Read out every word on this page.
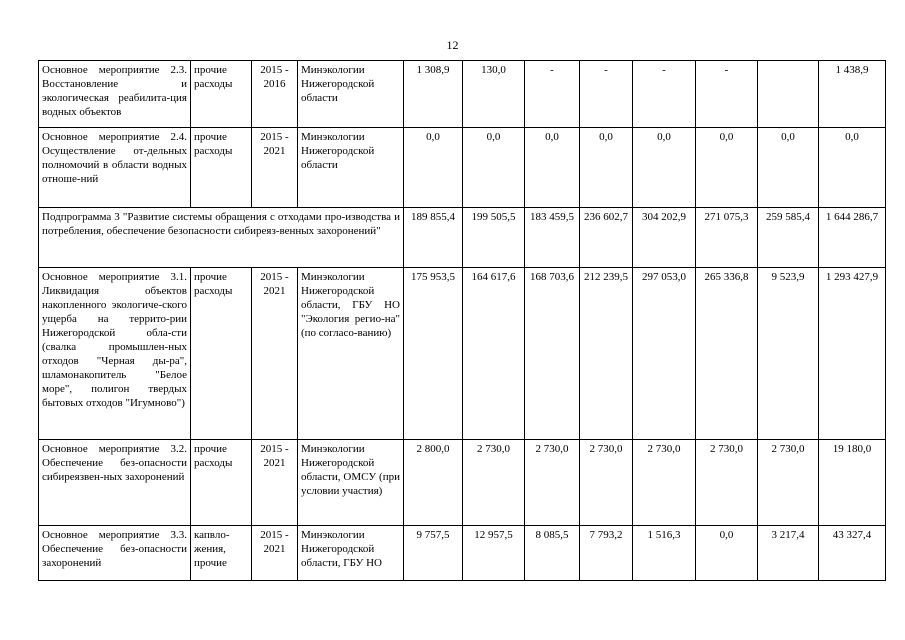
12
Основное мероприятие 2.3. Восстановление и экологическая реабилита-ция водных объектов	прочие расходы	2015 - 2016	Минэкологии Нижегородской области	1 308,9	130,0	-	-	-	-		1 438,9
Основное мероприятие 2.4. Осуществление от-дельных полномочий в области водных отноше-ний	прочие расходы	2015 - 2021	Минэкологии Нижегородской области	0,0	0,0	0,0	0,0	0,0	0,0	0,0	0,0
Подпрограмма 3 "Развитие системы обращения с отходами про-изводства и потребления, обеспечение безопасности сибиреяз-венных захоронений"				189 855,4	199 505,5	183 459,5	236 602,7	304 202,9	271 075,3	259 585,4	1 644 286,7
Основное мероприятие 3.1. Ликвидация объектов накопленного экологиче-ского ущерба на террито-рии Нижегородской обла-сти (свалка промышлен-ных отходов "Черная ды-ра", шламонакопитель "Белое море", полигон твердых бытовых отходов "Игумново")	прочие расходы	2015 - 2021	Минэкологии Нижегородской области, ГБУ НО "Экология регио-на" (по согласо-ванию)	175 953,5	164 617,6	168 703,6	212 239,5	297 053,0	265 336,8	9 523,9	1 293 427,9
Основное мероприятие 3.2. Обеспечение без-опасности сибиреязвен-ных захоронений	прочие расходы	2015 - 2021	Минэкологии Нижегородской области, ОМСУ (при условии участия)	2 800,0	2 730,0	2 730,0	2 730,0	2 730,0	2 730,0	2 730,0	19 180,0
Основное мероприятие 3.3. Обеспечение без-опасности захоронений	капвло-жения, прочие	2015 - 2021	Минэкологии Нижегородской области, ГБУ НО	9 757,5	12 957,5	8 085,5	7 793,2	1 516,3	0,0	3 217,4	43 327,4
